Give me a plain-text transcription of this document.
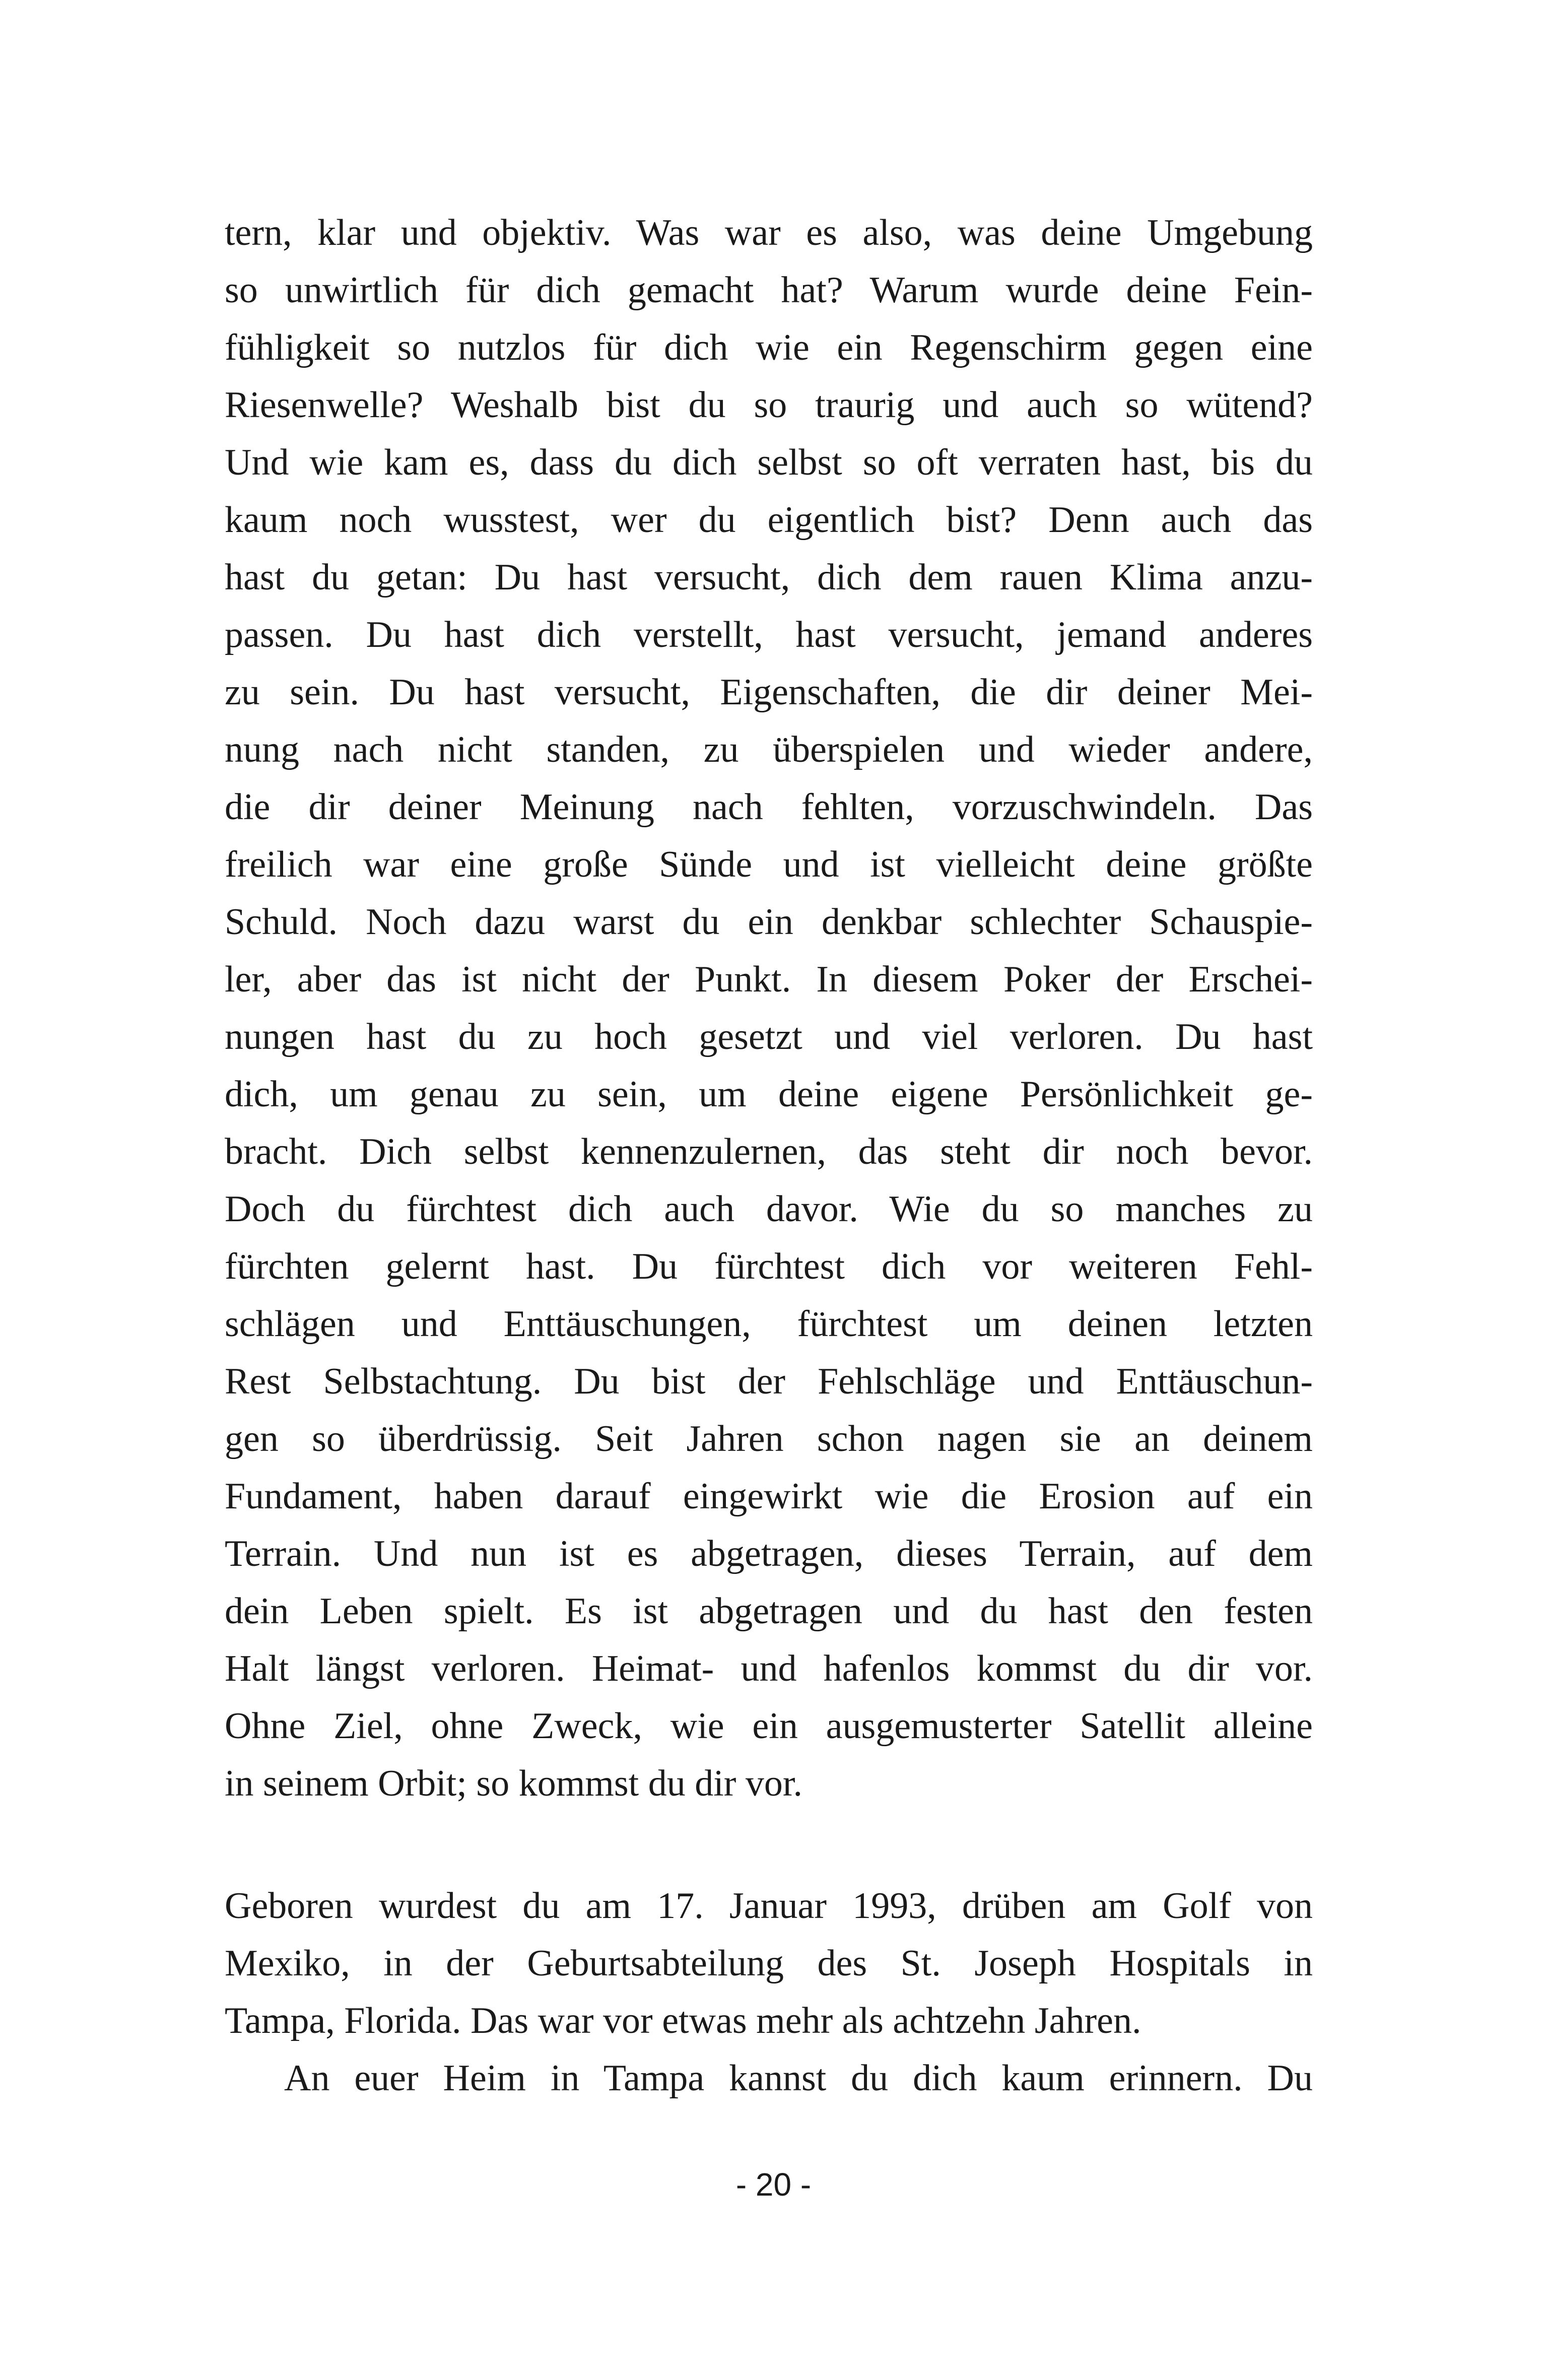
tern, klar und objektiv. Was war es also, was deine Umgebung
so unwirtlich für dich gemacht hat? Warum wurde deine Fein-
fühligkeit so nutzlos für dich wie ein Regenschirm gegen eine
Riesenwelle? Weshalb bist du so traurig und auch so wütend?
Und wie kam es, dass du dich selbst so oft verraten hast, bis du
kaum noch wusstest, wer du eigentlich bist? Denn auch das
hast du getan: Du hast versucht, dich dem rauen Klima anzu-
passen. Du hast dich verstellt, hast versucht, jemand anderes
zu sein. Du hast versucht, Eigenschaften, die dir deiner Mei-
nung nach nicht standen, zu überspielen und wieder andere,
die dir deiner Meinung nach fehlten, vorzuschwindeln. Das
freilich war eine große Sünde und ist vielleicht deine größte
Schuld. Noch dazu warst du ein denkbar schlechter Schauspie-
ler, aber das ist nicht der Punkt. In diesem Poker der Erschei-
nungen hast du zu hoch gesetzt und viel verloren. Du hast
dich, um genau zu sein, um deine eigene Persönlichkeit ge-
bracht. Dich selbst kennenzulernen, das steht dir noch bevor.
Doch du fürchtest dich auch davor. Wie du so manches zu
fürchten gelernt hast. Du fürchtest dich vor weiteren Fehl-
schlägen und Enttäuschungen, fürchtest um deinen letzten
Rest Selbstachtung. Du bist der Fehlschläge und Enttäuschun-
gen so überdrüssig. Seit Jahren schon nagen sie an deinem
Fundament, haben darauf eingewirkt wie die Erosion auf ein
Terrain. Und nun ist es abgetragen, dieses Terrain, auf dem
dein Leben spielt. Es ist abgetragen und du hast den festen
Halt längst verloren. Heimat- und hafenlos kommst du dir vor.
Ohne Ziel, ohne Zweck, wie ein ausgemusterter Satellit alleine
in seinem Orbit; so kommst du dir vor.
Geboren wurdest du am 17. Januar 1993, drüben am Golf von
Mexiko, in der Geburtsabteilung des St. Joseph Hospitals in
Tampa, Florida. Das war vor etwas mehr als achtzehn Jahren.
An euer Heim in Tampa kannst du dich kaum erinnern. Du
- 20 -
